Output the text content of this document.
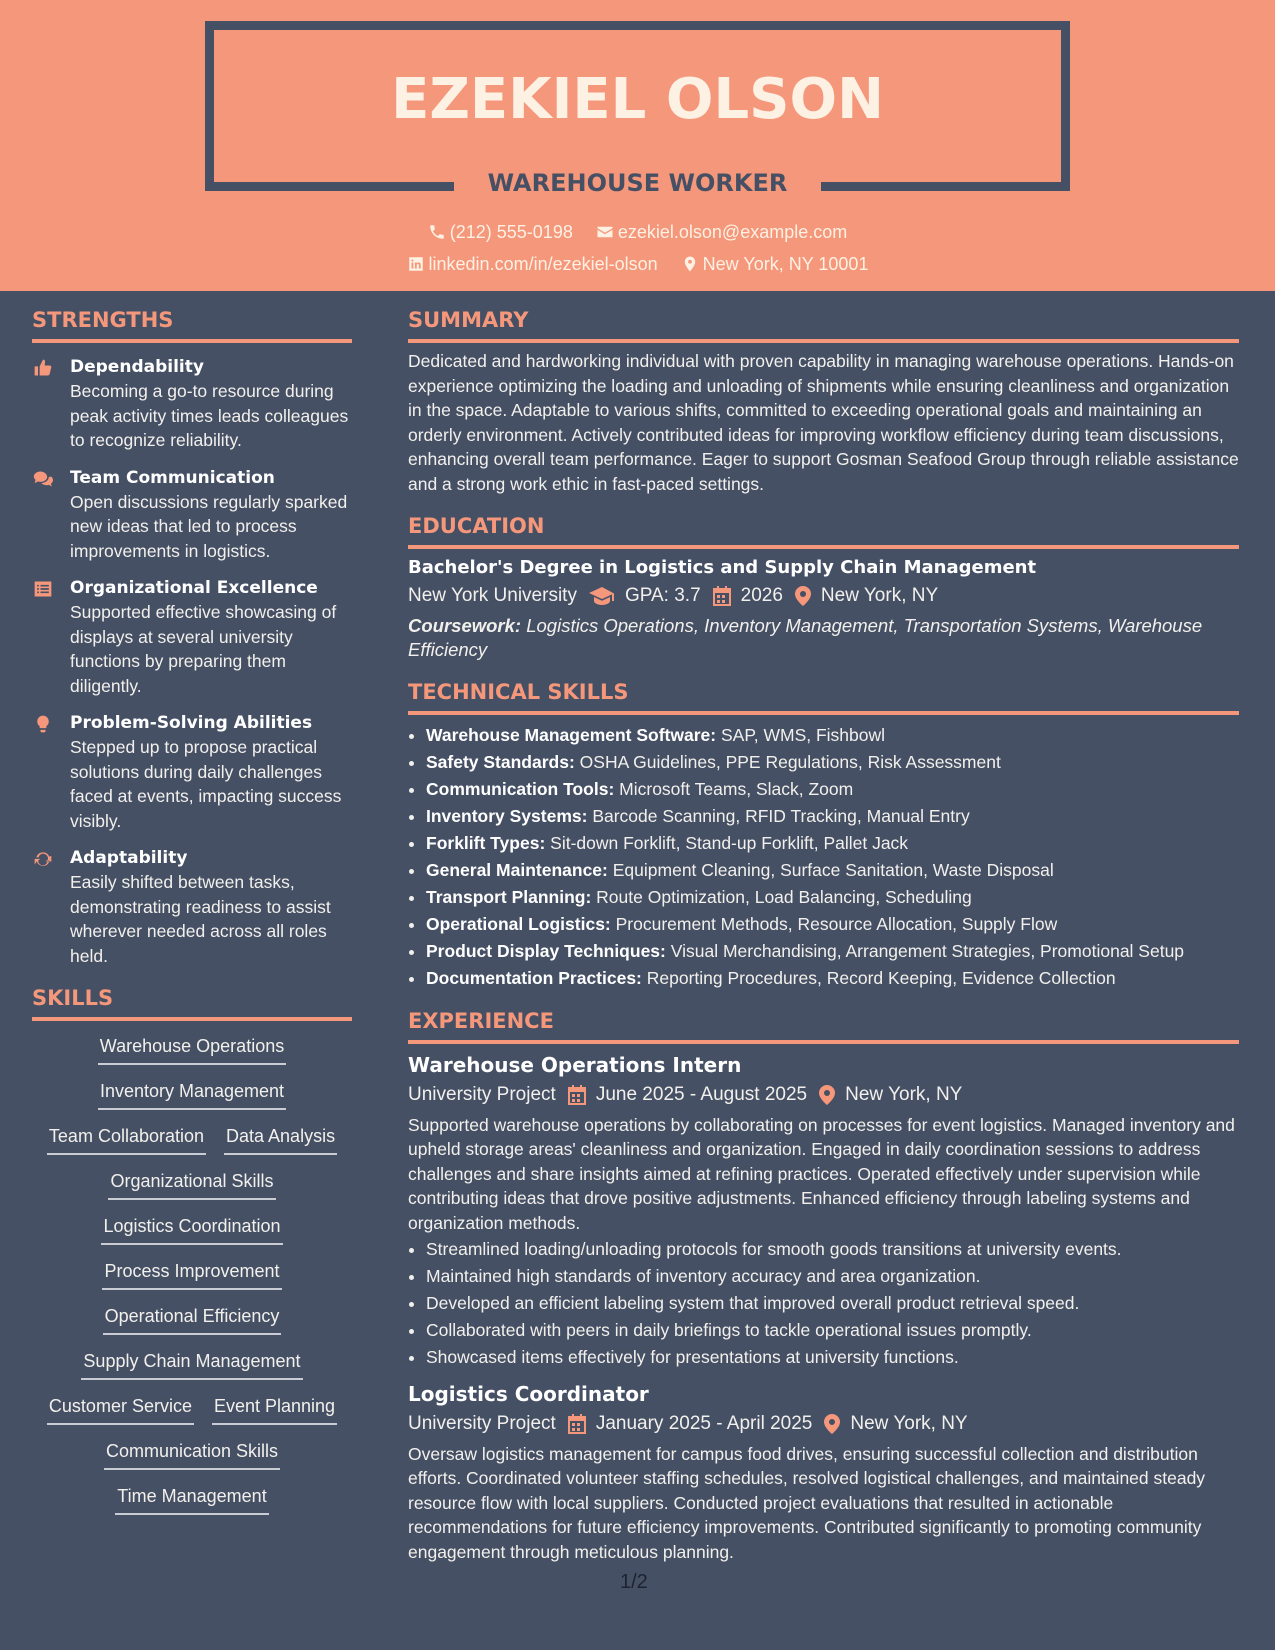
EZEKIEL OLSON
WAREHOUSE WORKER
(212) 555-0198
	ezekiel.olson@example.com
linkedin.com/in/ezekiel-olson
	New York, NY 10001
STRENGTHS
Dependability
Becoming a go-to resource during peak activity times leads colleagues to recognize reliability.
Team Communication
Open discussions regularly sparked new ideas that led to process improvements in logistics.
Organizational Excellence
Supported effective showcasing of displays at several university functions by preparing them diligently.
Problem-Solving Abilities
Stepped up to propose practical solutions during daily challenges faced at events, impacting success visibly.
Adaptability
Easily shifted between tasks, demonstrating readiness to assist wherever needed across all roles held.
SKILLS
Warehouse Operations
Inventory Management
Team Collaboration Data Analysis
Organizational Skills
Logistics Coordination
Process Improvement
Operational Efficiency
Supply Chain Management
Customer Service Event Planning
Communication Skills
Time Management
SUMMARY
Dedicated and hardworking individual with proven capability in managing warehouse operations. Hands-on experience optimizing the loading and unloading of shipments while ensuring cleanliness and organization in the space. Adaptable to various shifts, committed to exceeding operational goals and maintaining an orderly environment. Actively contributed ideas for improving workflow efficiency during team discussions, enhancing overall team performance. Eager to support Gosman Seafood Group through reliable assistance and a strong work ethic in fast-paced settings.
EDUCATION
Bachelor's Degree in Logistics and Supply Chain Management
New York University	GPA: 3.7 2026 New York, NY
Coursework: Logistics Operations, Inventory Management, Transportation Systems, Warehouse Efficiency
TECHNICAL SKILLS
• Warehouse Management Software: SAP, WMS, Fishbowl
• Safety Standards: OSHA Guidelines, PPE Regulations, Risk Assessment
• Communication Tools: Microsoft Teams, Slack, Zoom
• Inventory Systems: Barcode Scanning, RFID Tracking, Manual Entry
• Forklift Types: Sit-down Forklift, Stand-up Forklift, Pallet Jack
• General Maintenance: Equipment Cleaning, Surface Sanitation, Waste Disposal
• Transport Planning: Route Optimization, Load Balancing, Scheduling
• Operational Logistics: Procurement Methods, Resource Allocation, Supply Flow
• Product Display Techniques: Visual Merchandising, Arrangement Strategies, Promotional Setup
• Documentation Practices: Reporting Procedures, Record Keeping, Evidence Collection
EXPERIENCE
Warehouse Operations Intern
University Project June 2025 - August 2025 New York, NY
Supported warehouse operations by collaborating on processes for event logistics. Managed inventory and upheld storage areas' cleanliness and organization. Engaged in daily coordination sessions to address challenges and share insights aimed at refining practices. Operated effectively under supervision while contributing ideas that drove positive adjustments. Enhanced efficiency through labeling systems and organization methods.
• Streamlined loading/unloading protocols for smooth goods transitions at university events.
• Maintained high standards of inventory accuracy and area organization.
• Developed an efficient labeling system that improved overall product retrieval speed.
• Collaborated with peers in daily briefings to tackle operational issues promptly.
• Showcased items effectively for presentations at university functions.
Logistics Coordinator
University Project January 2025 - April 2025 New York, NY
Oversaw logistics management for campus food drives, ensuring successful collection and distribution efforts. Coordinated volunteer staffing schedules, resolved logistical challenges, and maintained steady resource flow with local suppliers. Conducted project evaluations that resulted in actionable recommendations for future efficiency improvements. Contributed significantly to promoting community engagement through meticulous planning.
1/2
